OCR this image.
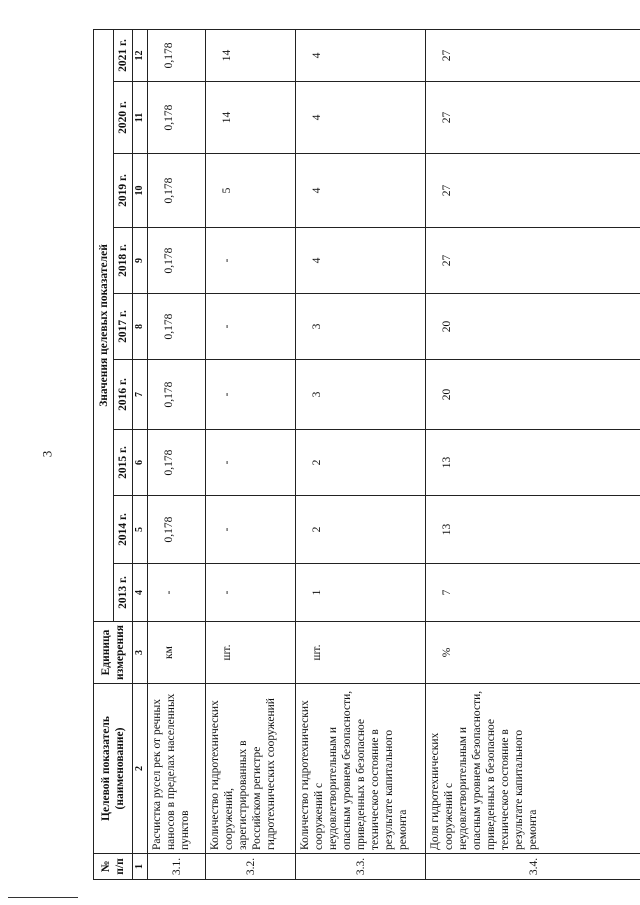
3
№ п/п	Целевой показатель (наименование)	Единица измерения	Значения целевых показателей								
			2013 г.	2014 г.	2015 г.	2016 г.	2017 г.	2018 г.	2019 г.	2020 г.	2021 г.
1	2	3	4	5	6	7	8	9	10	11	12
3.1.	Расчистка русел рек от речных наносов в пределах населенных пунктов	км	-	0,178	0,178	0,178	0,178	0,178	0,178	0,178	0,178
3.2.	Количество гидротехнических сооружений, зарегистрированных в Российском регистре гидротехнических сооружений	шт.	-	-	-	-	-	-	5	14	14
3.3.	Количество гидротехнических сооружений с неудовлетворительным и опасным уровнем безопасности, приведенных в безопасное техническое состояние в результате капитального ремонта	шт.	1	2	2	3	3	4	4	4	4
3.4.	Доля гидротехнических сооружений с неудовлетворительным и опасным уровнем безопасности, приведенных в безопасное техническое состояние в результате капитального ремонта	%	7	13	13	20	20	27	27	27	27
